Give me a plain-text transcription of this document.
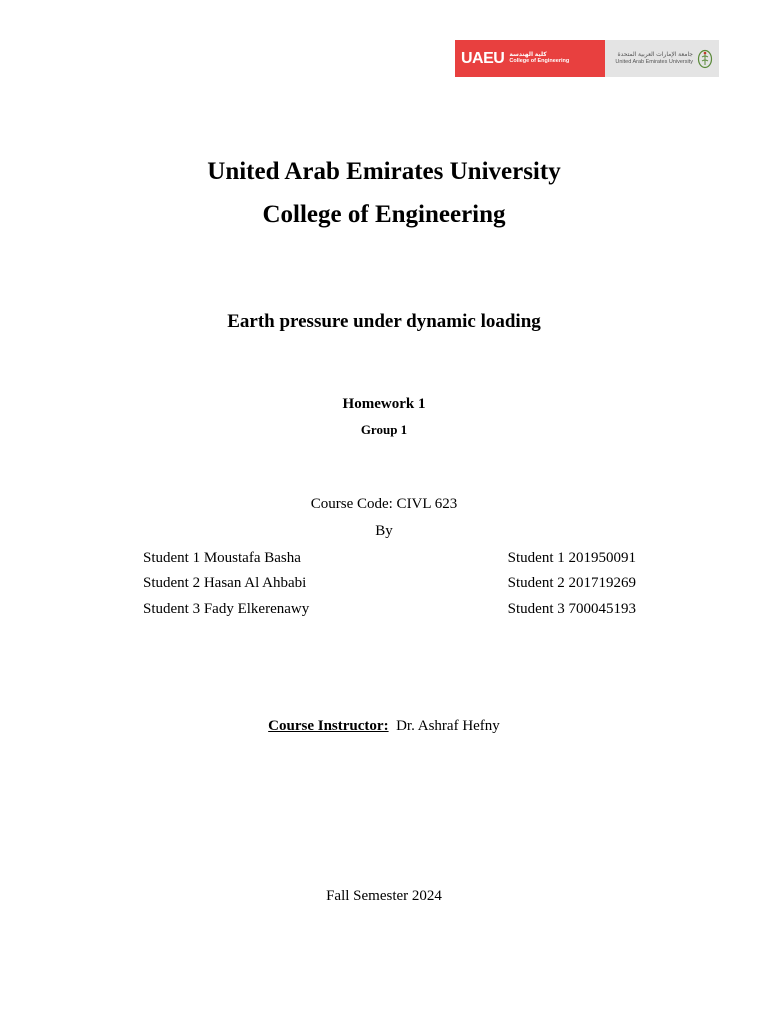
UAEU كلية الهندسة
College of Engineering
جامعة الإمارات العربية المتحدة
United Arab Emirates University
United Arab Emirates University
College of Engineering
Earth pressure under dynamic loading
Homework 1
Group 1
Course Code: CIVL 623
By
Student 1 Moustafa Basha	Student 1 201950091
Student 2 Hasan Al Ahbabi	Student 2 201719269
Student 3 Fady Elkerenawy	Student 3 700045193
Course Instructor: Dr. Ashraf Hefny
Fall Semester 2024
